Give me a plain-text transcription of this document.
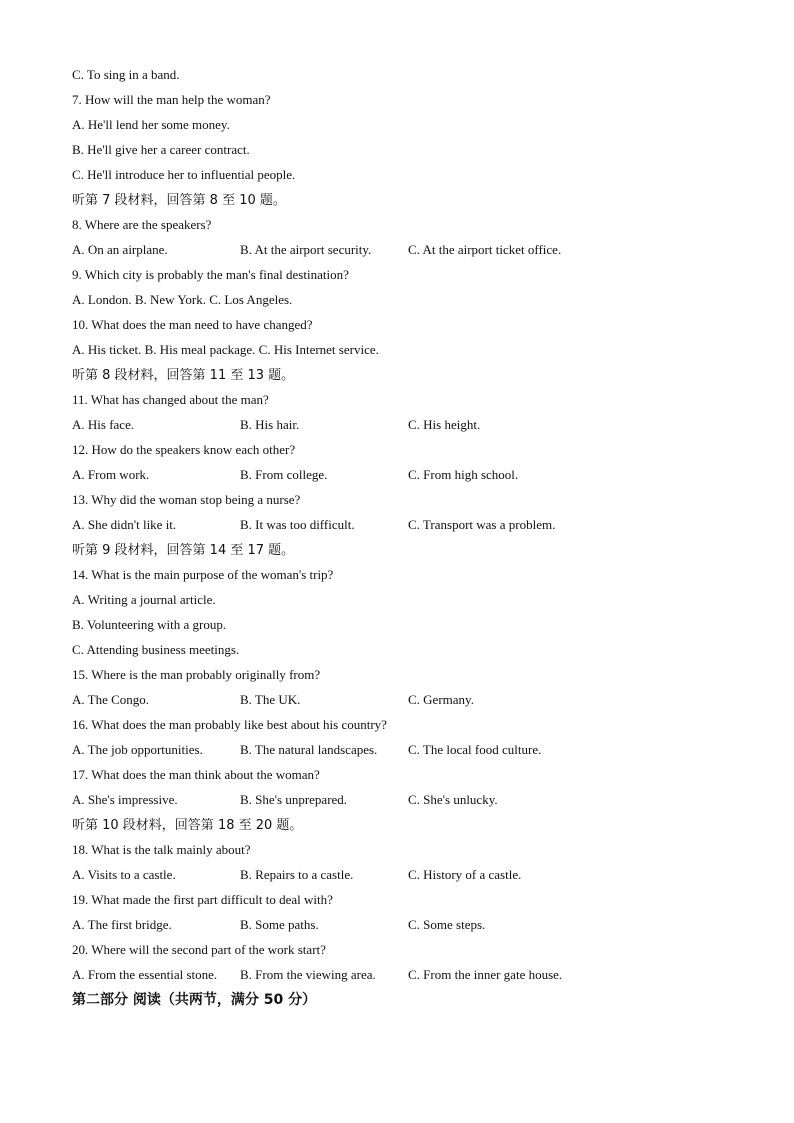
C. To sing in a band.
7. How will the man help the woman?
A. He'll lend her some money.
B. He'll give her a career contract.
C. He'll introduce her to influential people.
听第 7 段材料，回答第 8 至 10 题。
8. Where are the speakers?
A. On an airplane.	B. At the airport security.	C. At the airport ticket office.
9. Which city is probably the man's final destination?
A. London. B. New York. C. Los Angeles.
10. What does the man need to have changed?
A. His ticket. B. His meal package. C. His Internet service.
听第 8 段材料，回答第 11 至 13 题。
11. What has changed about the man?
A. His face.	B. His hair.	C. His height.
12. How do the speakers know each other?
A. From work.	B. From college.	C. From high school.
13. Why did the woman stop being a nurse?
A. She didn't like it.	B. It was too difficult.	C. Transport was a problem.
听第 9 段材料，回答第 14 至 17 题。
14. What is the main purpose of the woman's trip?
A. Writing a journal article.
B. Volunteering with a group.
C. Attending business meetings.
15. Where is the man probably originally from?
A. The Congo.	B. The UK.	C. Germany.
16. What does the man probably like best about his country?
A. The job opportunities.	B. The natural landscapes. C. The local food culture.
17. What does the man think about the woman?
A. She's impressive.	B. She's unprepared.	C. She's unlucky.
听第 10 段材料，回答第 18 至 20 题。
18. What is the talk mainly about?
A. Visits to a castle.	B. Repairs to a castle.	C. History of a castle.
19. What made the first part difficult to deal with?
A. The first bridge.	B. Some paths.	C. Some steps.
20. Where will the second part of the work start?
A. From the essential stone. B. From the viewing area. C. From the inner gate house.
第二部分 阅读（共两节，满分 50 分）
